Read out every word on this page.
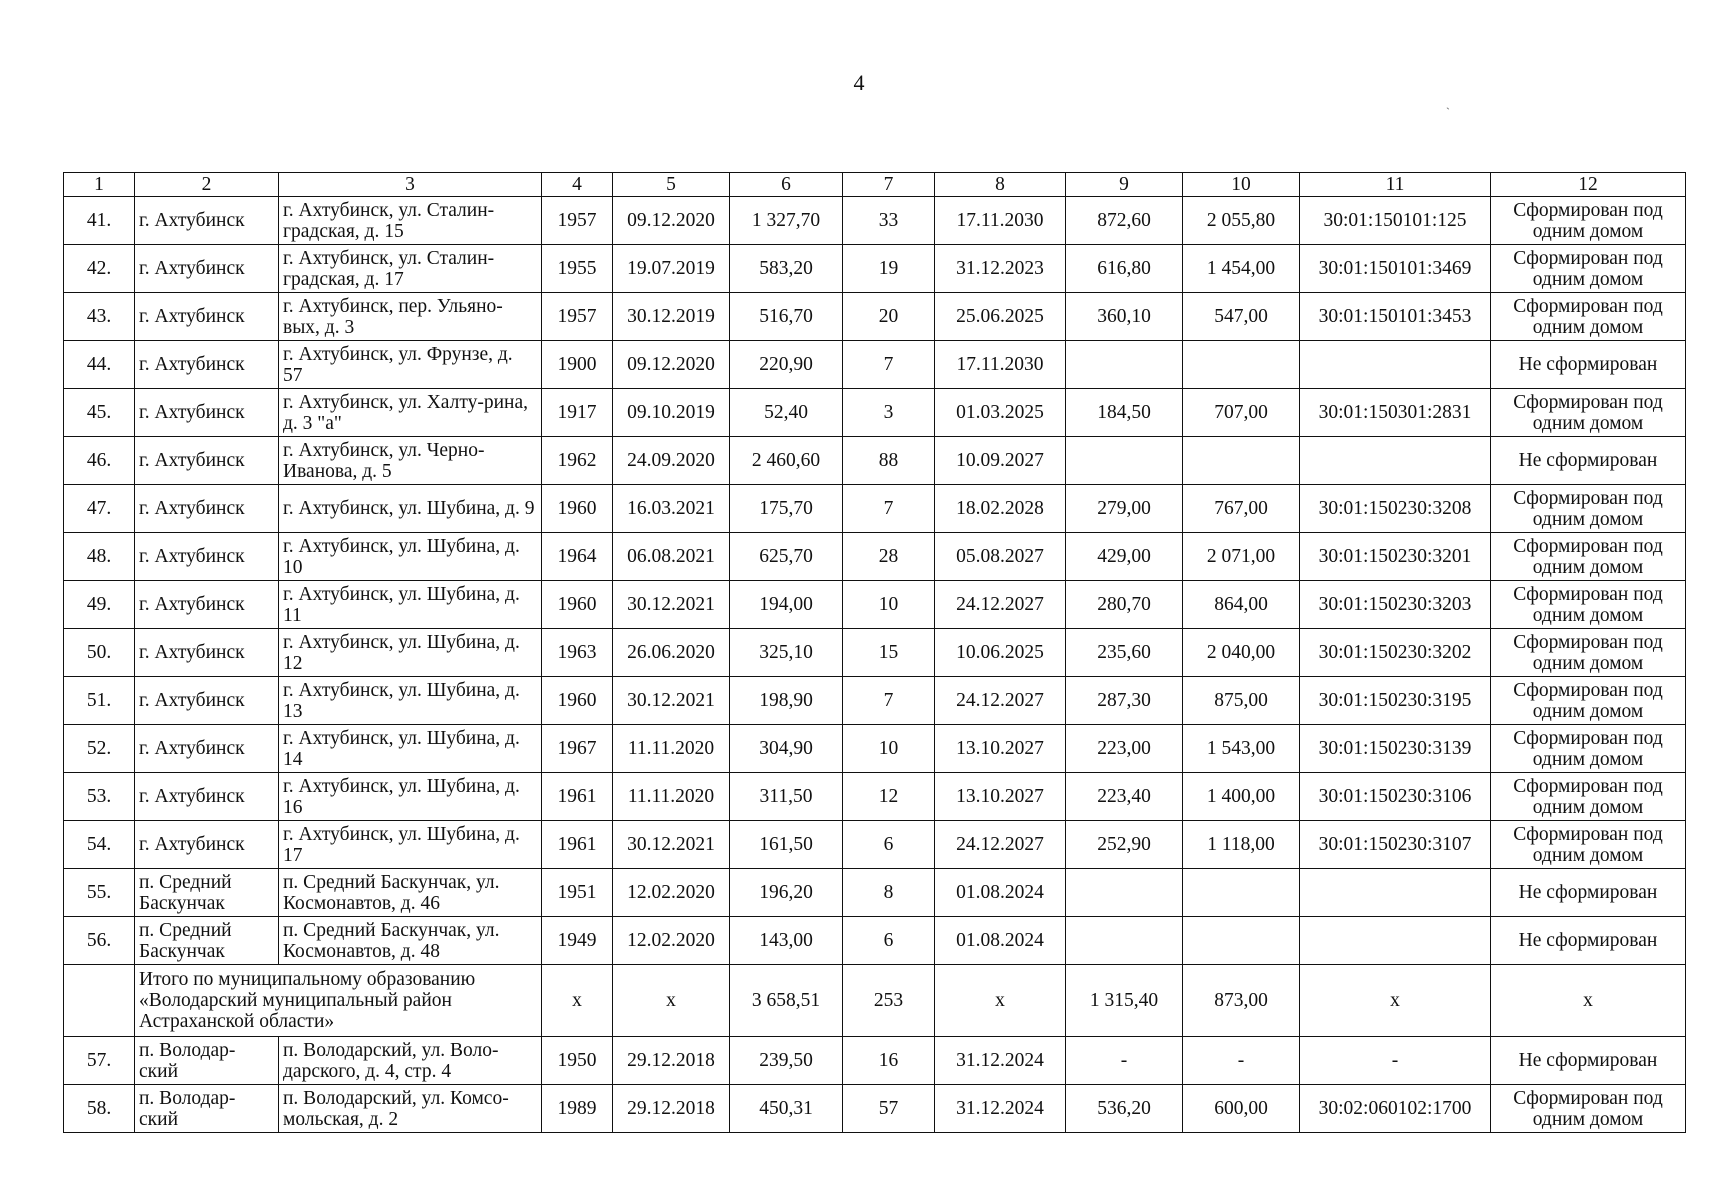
4
ˏ
1	2	3	4	5	6	7	8	9	10	11	12
41.	г. Ахтубинск	г. Ахтубинск, ул. Сталин-градская, д. 15	1957	09.12.2020	1 327,70	33	17.11.2030	872,60	2 055,80	30:01:150101:125	Сформирован под одним домом
42.	г. Ахтубинск	г. Ахтубинск, ул. Сталин-градская, д. 17	1955	19.07.2019	583,20	19	31.12.2023	616,80	1 454,00	30:01:150101:3469	Сформирован под одним домом
43.	г. Ахтубинск	г. Ахтубинск, пер. Ульяно-вых, д. 3	1957	30.12.2019	516,70	20	25.06.2025	360,10	547,00	30:01:150101:3453	Сформирован под одним домом
44.	г. Ахтубинск	г. Ахтубинск, ул. Фрунзе, д. 57	1900	09.12.2020	220,90	7	17.11.2030				Не сформирован
45.	г. Ахтубинск	г. Ахтубинск, ул. Халту-рина, д. 3 "а"	1917	09.10.2019	52,40	3	01.03.2025	184,50	707,00	30:01:150301:2831	Сформирован под одним домом
46.	г. Ахтубинск	г. Ахтубинск, ул. Черно-Иванова, д. 5	1962	24.09.2020	2 460,60	88	10.09.2027				Не сформирован
47.	г. Ахтубинск	г. Ахтубинск, ул. Шубина, д. 9	1960	16.03.2021	175,70	7	18.02.2028	279,00	767,00	30:01:150230:3208	Сформирован под одним домом
48.	г. Ахтубинск	г. Ахтубинск, ул. Шубина, д. 10	1964	06.08.2021	625,70	28	05.08.2027	429,00	2 071,00	30:01:150230:3201	Сформирован под одним домом
49.	г. Ахтубинск	г. Ахтубинск, ул. Шубина, д. 11	1960	30.12.2021	194,00	10	24.12.2027	280,70	864,00	30:01:150230:3203	Сформирован под одним домом
50.	г. Ахтубинск	г. Ахтубинск, ул. Шубина, д. 12	1963	26.06.2020	325,10	15	10.06.2025	235,60	2 040,00	30:01:150230:3202	Сформирован под одним домом
51.	г. Ахтубинск	г. Ахтубинск, ул. Шубина, д. 13	1960	30.12.2021	198,90	7	24.12.2027	287,30	875,00	30:01:150230:3195	Сформирован под одним домом
52.	г. Ахтубинск	г. Ахтубинск, ул. Шубина, д. 14	1967	11.11.2020	304,90	10	13.10.2027	223,00	1 543,00	30:01:150230:3139	Сформирован под одним домом
53.	г. Ахтубинск	г. Ахтубинск, ул. Шубина, д. 16	1961	11.11.2020	311,50	12	13.10.2027	223,40	1 400,00	30:01:150230:3106	Сформирован под одним домом
54.	г. Ахтубинск	г. Ахтубинск, ул. Шубина, д. 17	1961	30.12.2021	161,50	6	24.12.2027	252,90	1 118,00	30:01:150230:3107	Сформирован под одним домом
55.	п. Средний Баскунчак	п. Средний Баскунчак, ул. Космонавтов, д. 46	1951	12.02.2020	196,20	8	01.08.2024				Не сформирован
56.	п. Средний Баскунчак	п. Средний Баскунчак, ул. Космонавтов, д. 48	1949	12.02.2020	143,00	6	01.08.2024				Не сформирован
	Итого по муниципальному образованию «Володарский муниципальный район Астраханской области»		х	х	3 658,51	253	х	1 315,40	873,00	х	х
57.	п. Володар-ский	п. Володарский, ул. Воло-дарского, д. 4, стр. 4	1950	29.12.2018	239,50	16	31.12.2024	-	-	-	Не сформирован
58.	п. Володар-ский	п. Володарский, ул. Комсо-мольская, д. 2	1989	29.12.2018	450,31	57	31.12.2024	536,20	600,00	30:02:060102:1700	Сформирован под одним домом
